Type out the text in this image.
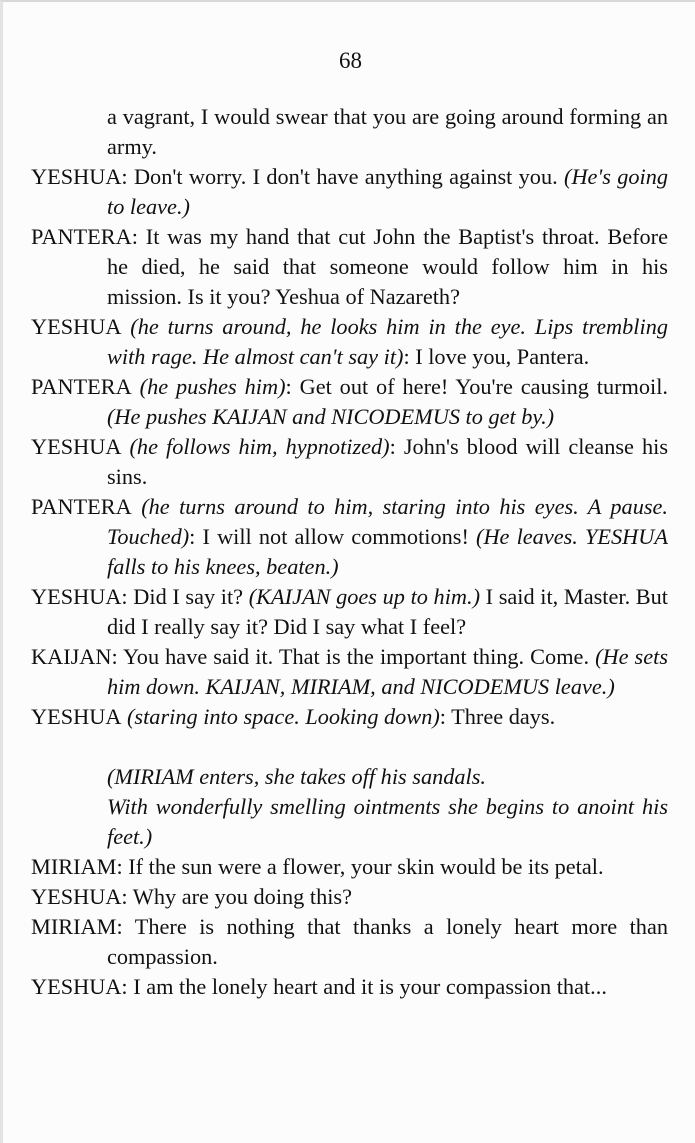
68
a vagrant, I would swear that you are going around forming an army.
YESHUA: Don't worry. I don't have anything against you. (He's going to leave.)
PANTERA: It was my hand that cut John the Baptist's throat. Before he died, he said that someone would follow him in his mission. Is it you? Yeshua of Nazareth?
YESHUA (he turns around, he looks him in the eye. Lips trembling with rage. He almost can't say it): I love you, Pantera.
PANTERA (he pushes him): Get out of here! You're causing turmoil. (He pushes KAIJAN and NICODEMUS to get by.)
YESHUA (he follows him, hypnotized): John's blood will cleanse his sins.
PANTERA (he turns around to him, staring into his eyes. A pause. Touched): I will not allow commotions! (He leaves. YESHUA falls to his knees, beaten.)
YESHUA: Did I say it? (KAIJAN goes up to him.) I said it, Master. But did I really say it? Did I say what I feel?
KAIJAN: You have said it. That is the important thing. Come. (He sets him down. KAIJAN, MIRIAM, and NICODEMUS leave.)
YESHUA (staring into space. Looking down): Three days.
(MIRIAM enters, she takes off his sandals.
With wonderfully smelling ointments she begins to anoint his feet.)
MIRIAM: If the sun were a flower, your skin would be its petal.
YESHUA: Why are you doing this?
MIRIAM: There is nothing that thanks a lonely heart more than compassion.
YESHUA: I am the lonely heart and it is your compassion that...
